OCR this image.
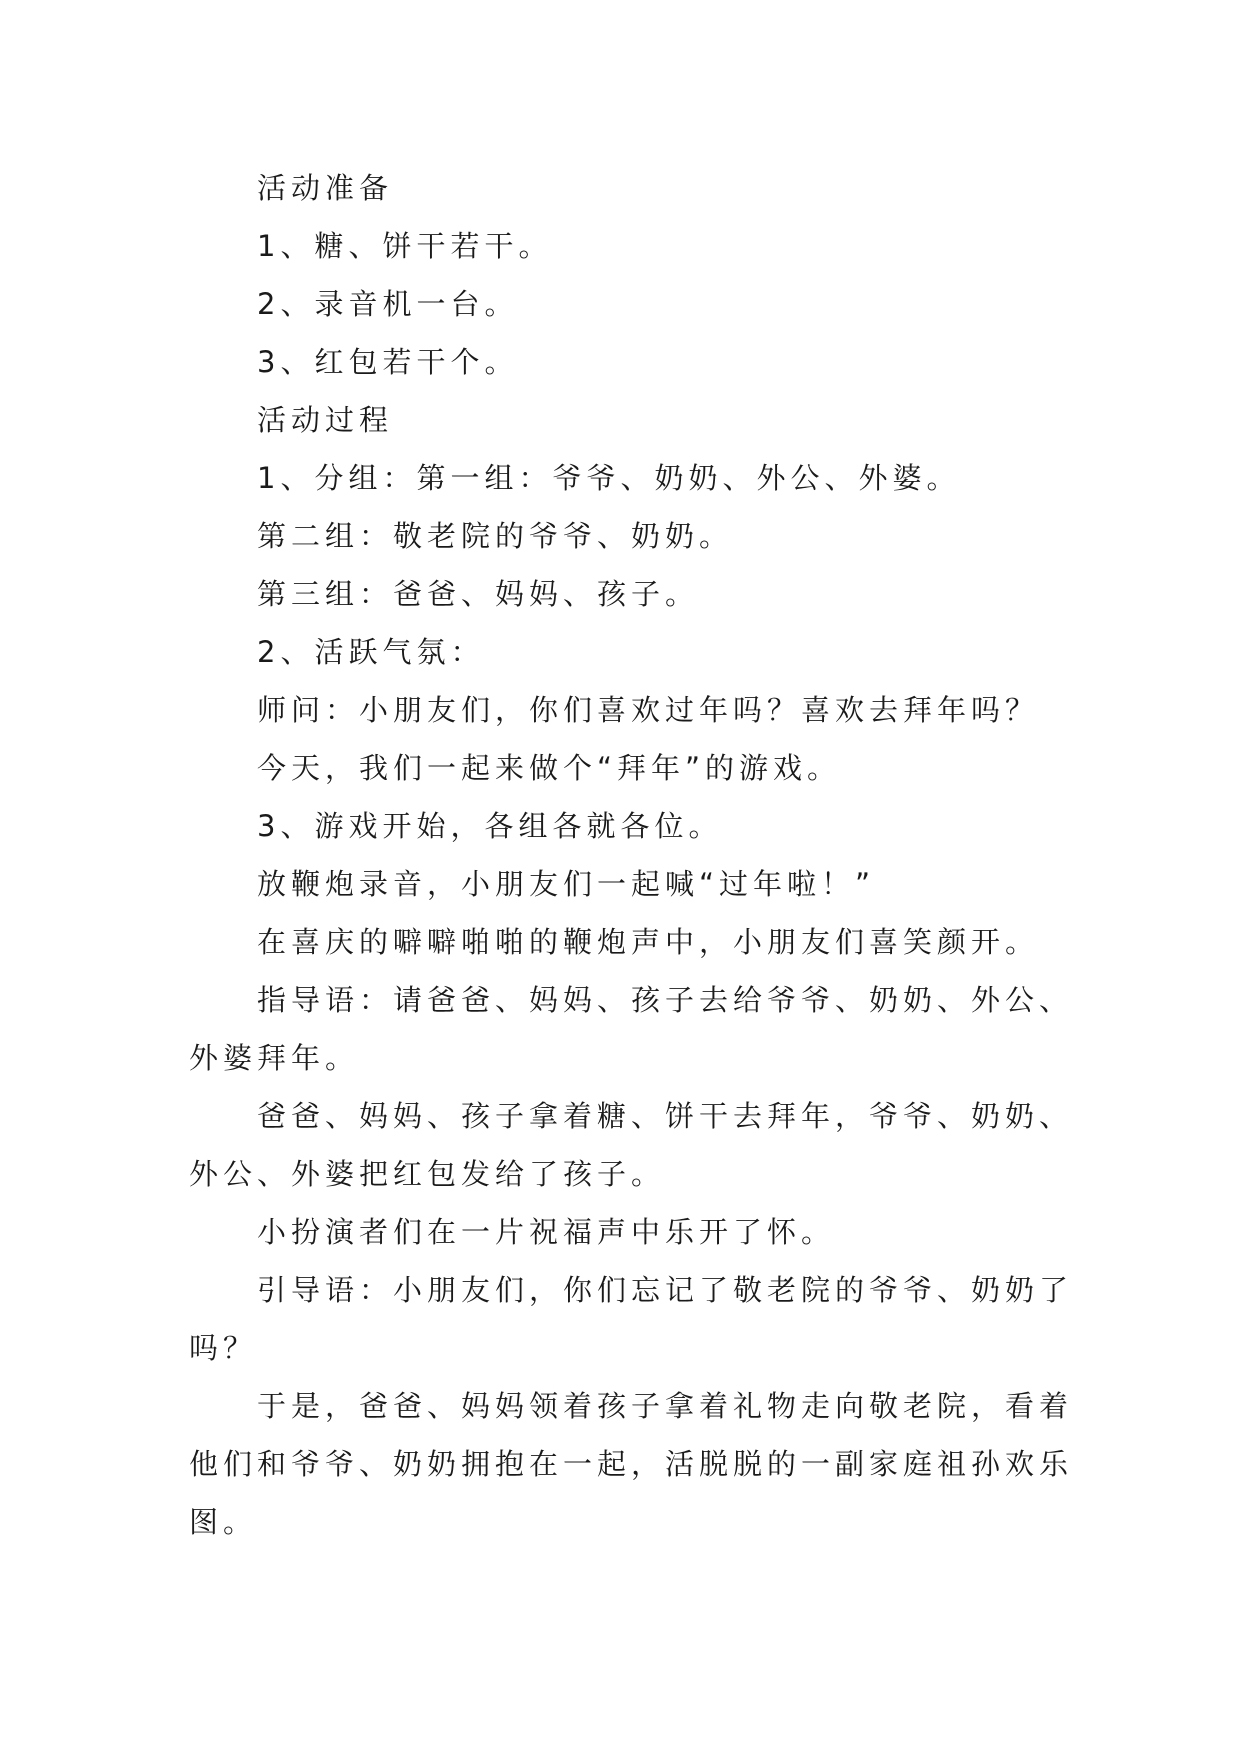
活动准备

1、糖、饼干若干。

2、录音机一台。

3、红包若干个。

活动过程

1、分组：第一组：爷爷、奶奶、外公、外婆。

第二组：敬老院的爷爷、奶奶。

第三组：爸爸、妈妈、孩子。

2、活跃气氛：

师问：小朋友们，你们喜欢过年吗？喜欢去拜年吗？

今天，我们一起来做个“拜年”的游戏。

3、游戏开始，各组各就各位。

放鞭炮录音，小朋友们一起喊“过年啦！”

在喜庆的噼噼啪啪的鞭炮声中，小朋友们喜笑颜开。

指导语：请爸爸、妈妈、孩子去给爷爷、奶奶、外公、外婆拜年。

爸爸、妈妈、孩子拿着糖、饼干去拜年，爷爷、奶奶、外公、外婆把红包发给了孩子。

小扮演者们在一片祝福声中乐开了怀。

引导语：小朋友们，你们忘记了敬老院的爷爷、奶奶了吗？

于是，爸爸、妈妈领着孩子拿着礼物走向敬老院，看着他们和爷爷、奶奶拥抱在一起，活脱脱的一副家庭祖孙欢乐图。
